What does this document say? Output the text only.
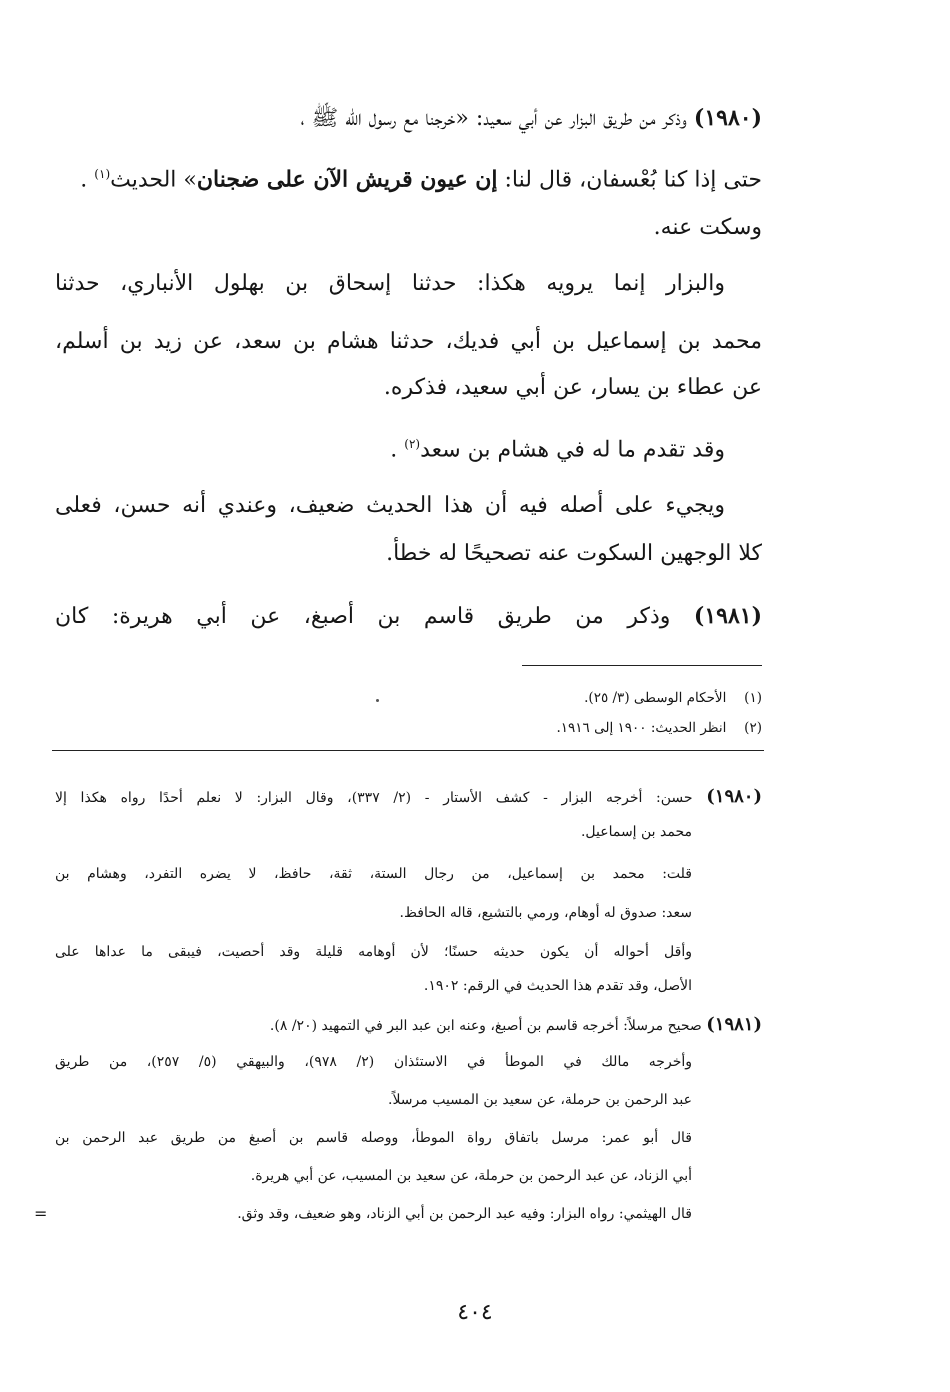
(١٩٨٠) وذكر من طريق البزار عن أبي سعيد: «خرجنا مع رسول الله ﷺ ،
حتى إذا كنا بُعْسفان، قال لنا: إن عيون قريش الآن على ضجنان» الحديث$^{(١)}$ .
وسكت عنه.
والبزار إنما يرويه هكذا: حدثنا إسحاق بن بهلول الأنباري، حدثنا
محمد بن إسماعيل بن أبي فديك، حدثنا هشام بن سعد، عن زيد بن أسلم،
عن عطاء بن يسار، عن أبي سعيد، فذكره.
وقد تقدم ما له في هشام بن سعد$^{(٢)}$ .
ويجيء على أصله فيه أن هذا الحديث ضعيف، وعندي أنه حسن، فعلى
كلا الوجهين السكوت عنه تصحيحًا له خطأ.
(١٩٨١) وذكر من طريق قاسم بن أصبغ، عن أبي هريرة: كان
(١)  الأحكام الوسطى (٣/ ٢٥).
(٢)  انظر الحديث: ١٩٠٠ إلى ١٩١٦.
(١٩٨٠) حسن: أخرجه البزار - كشف الأستار - (٢/ ٣٣٧)، وقال البزار: لا نعلم أحدًا رواه هكذا إلا
محمد بن إسماعيل.
قلت: محمد بن إسماعيل، من رجال الستة، ثقة، حافظ، لا يضره التفرد، وهشام بن
سعد: صدوق له أوهام، ورمي بالتشيع، قاله الحافظ.
وأقل أحواله أن يكون حديثه حسنًا؛ لأن أوهامه قليلة وقد أحصيت، فيبقى ما عداها على
الأصل، وقد تقدم هذا الحديث في الرقم: ١٩٠٢.
(١٩٨١) صحيح مرسلاً: أخرجه قاسم بن أصبغ، وعنه ابن عبد البر في التمهيد (٢٠/ ٨).
وأخرجه مالك في الموطأ في الاستئذان (٢/ ٩٧٨)، والبيهقي (٥/ ٢٥٧)، من طريق
عبد الرحمن بن حرملة، عن سعيد بن المسيب مرسلاً.
قال أبو عمر: مرسل باتفاق رواة الموطأ، ووصله قاسم بن أصبغ من طريق عبد الرحمن بن
أبي الزناد، عن عبد الرحمن بن حرملة، عن سعيد بن المسيب، عن أبي هريرة.
قال الهيثمي: رواه البزار: وفيه عبد الرحمن بن أبي الزناد، وهو ضعيف، وقد وثق.
=
٤٠٤
